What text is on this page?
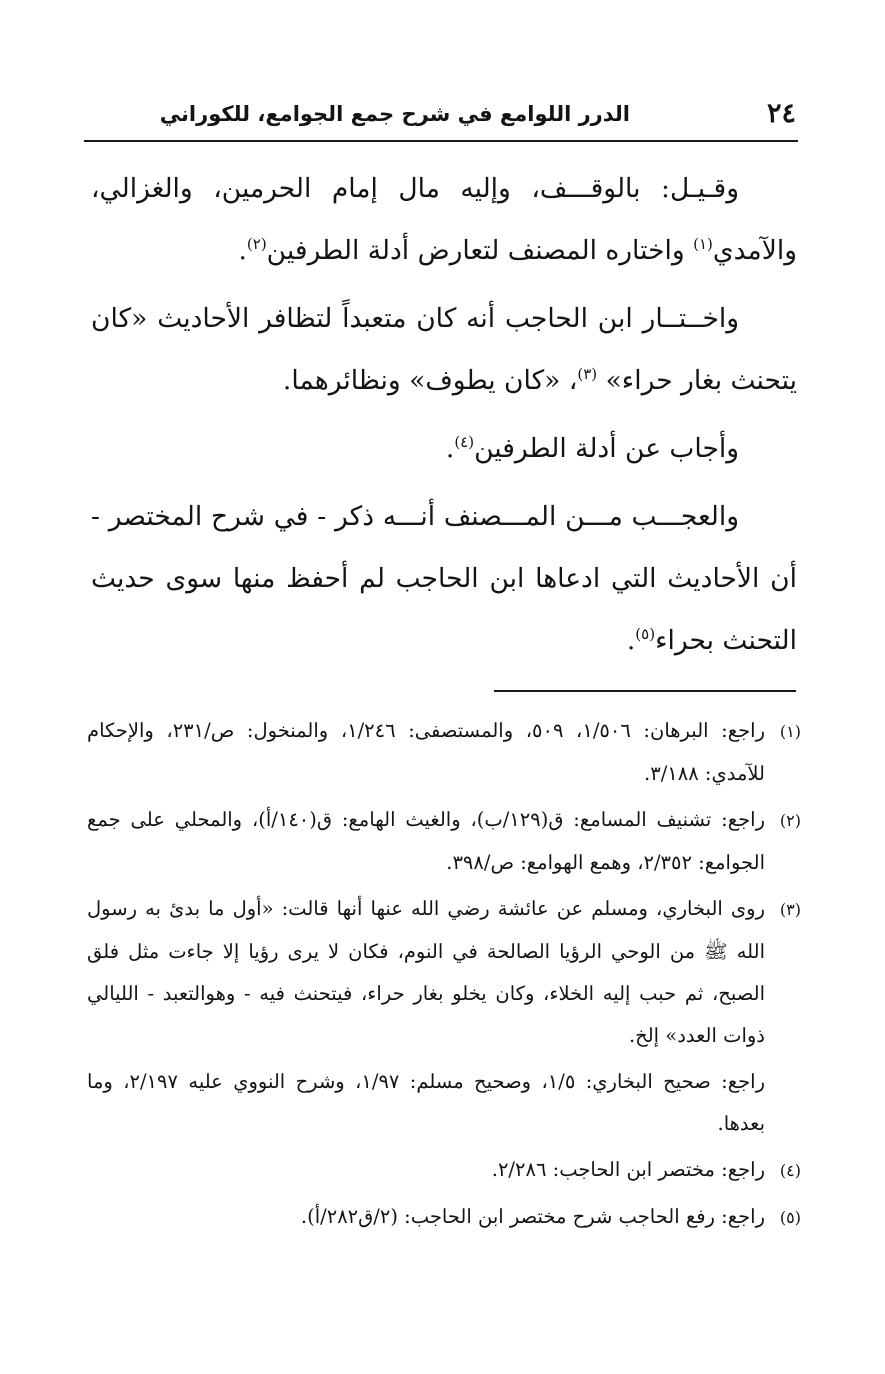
٢٤
الدرر اللوامع في شرح جمع الجوامع، للكوراني

وقـيـل: بالوقـــف، وإليه مال إمام الحرمين، والغزالي، والآمدي$^{(١)}$ واختاره المصنف لتعارض أدلة الطرفين$^{(٢)}$.

واخــتــار ابن الحاجب أنه كان متعبداً لتظافر الأحاديث «كان يتحنث بغار حراء» $^{(٣)}$، «كان يطوف» ونظائرهما.

وأجاب عن أدلة الطرفين$^{(٤)}$.

والعجـــب مـــن المـــصنف أنـــه ذكر - في شرح المختصر - أن الأحاديث التي ادعاها ابن الحاجب لم أحفظ منها سوى حديث التحنث بحراء$^{(٥)}$.

(١)راجع: البرهان: ١/٥٠٦، ٥٠٩، والمستصفى: ١/٢٤٦، والمنخول: ص/٢٣١، والإحكام للآمدي: ٣/١٨٨.

(٢)راجع: تشنيف المسامع: ق(١٢٩/ب)، والغيث الهامع: ق(١٤٠/أ)، والمحلي على جمع الجوامع: ٢/٣٥٢، وهمع الهوامع: ص/٣٩٨.

(٣)روى البخاري، ومسلم عن عائشة رضي الله عنها أنها قالت: «أول ما بدئ به رسول الله ﷺ من الوحي الرؤيا الصالحة في النوم، فكان لا يرى رؤيا إلا جاءت مثل فلق الصبح، ثم حبب إليه الخلاء، وكان يخلو بغار حراء، فيتحنث فيه - وهوالتعبد - الليالي ذوات العدد» إلخ.

راجع: صحيح البخاري: ١/٥، وصحيح مسلم: ١/٩٧، وشرح النووي عليه ٢/١٩٧، وما بعدها.

(٤)راجع: مختصر ابن الحاجب: ٢/٢٨٦.

(٥)راجع: رفع الحاجب شرح مختصر ابن الحاجب: (٢/ق٢٨٢/أ).
